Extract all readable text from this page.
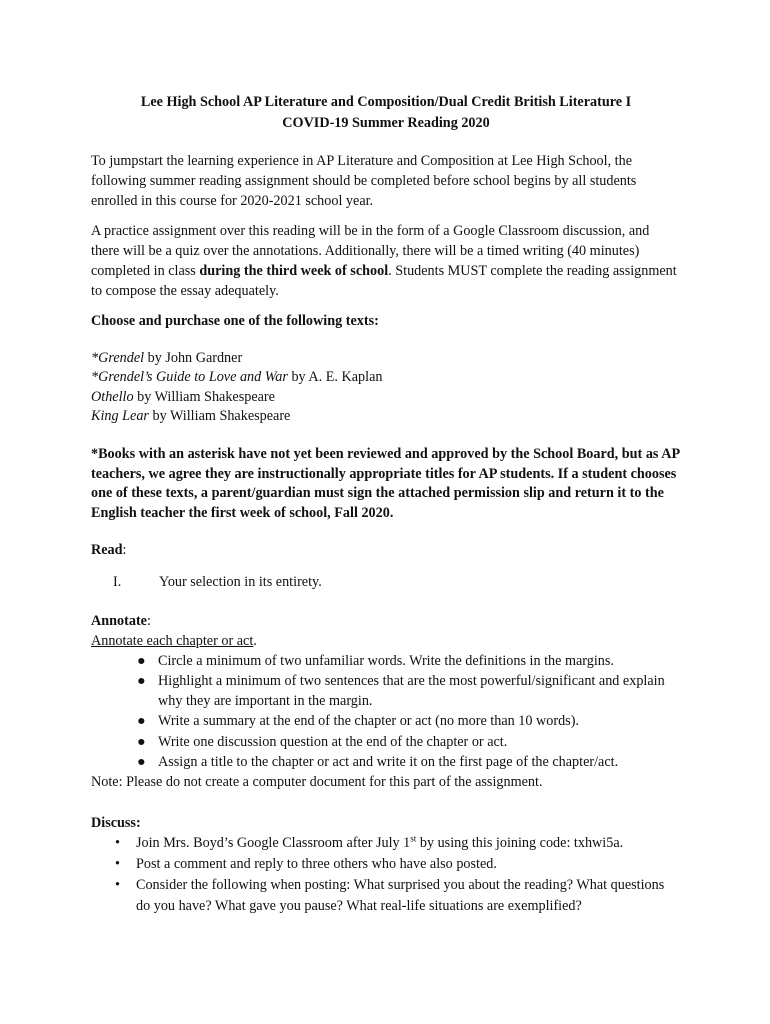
Lee High School AP Literature and Composition/Dual Credit British Literature I
COVID-19 Summer Reading 2020

To jumpstart the learning experience in AP Literature and Composition at Lee High School, the following summer reading assignment should be completed before school begins by all students enrolled in this course for 2020-2021 school year.

A practice assignment over this reading will be in the form of a Google Classroom discussion, and there will be a quiz over the annotations. Additionally, there will be a timed writing (40 minutes) completed in class during the third week of school. Students MUST complete the reading assignment to compose the essay adequately.

Choose and purchase one of the following texts:

*Grendel by John Gardner
*Grendel’s Guide to Love and War by A. E. Kaplan
Othello by William Shakespeare
King Lear by William Shakespeare

*Books with an asterisk have not yet been reviewed and approved by the School Board, but as AP teachers, we agree they are instructionally appropriate titles for AP students. If a student chooses one of these texts, a parent/guardian must sign the attached permission slip and return it to the English teacher the first week of school, Fall 2020.

Read:

I.	Your selection in its entirety.

Annotate:

Annotate each chapter or act.

● Circle a minimum of two unfamiliar words. Write the definitions in the margins.
● Highlight a minimum of two sentences that are the most powerful/significant and explain why they are important in the margin.
● Write a summary at the end of the chapter or act (no more than 10 words).
● Write one discussion question at the end of the chapter or act.
● Assign a title to the chapter or act and write it on the first page of the chapter/act.

Note: Please do not create a computer document for this part of the assignment.

Discuss:

• Join Mrs. Boyd’s Google Classroom after July 1st by using this joining code: txhwi5a.
• Post a comment and reply to three others who have also posted.
• Consider the following when posting: What surprised you about the reading? What questions do you have? What gave you pause? What real-life situations are exemplified?
